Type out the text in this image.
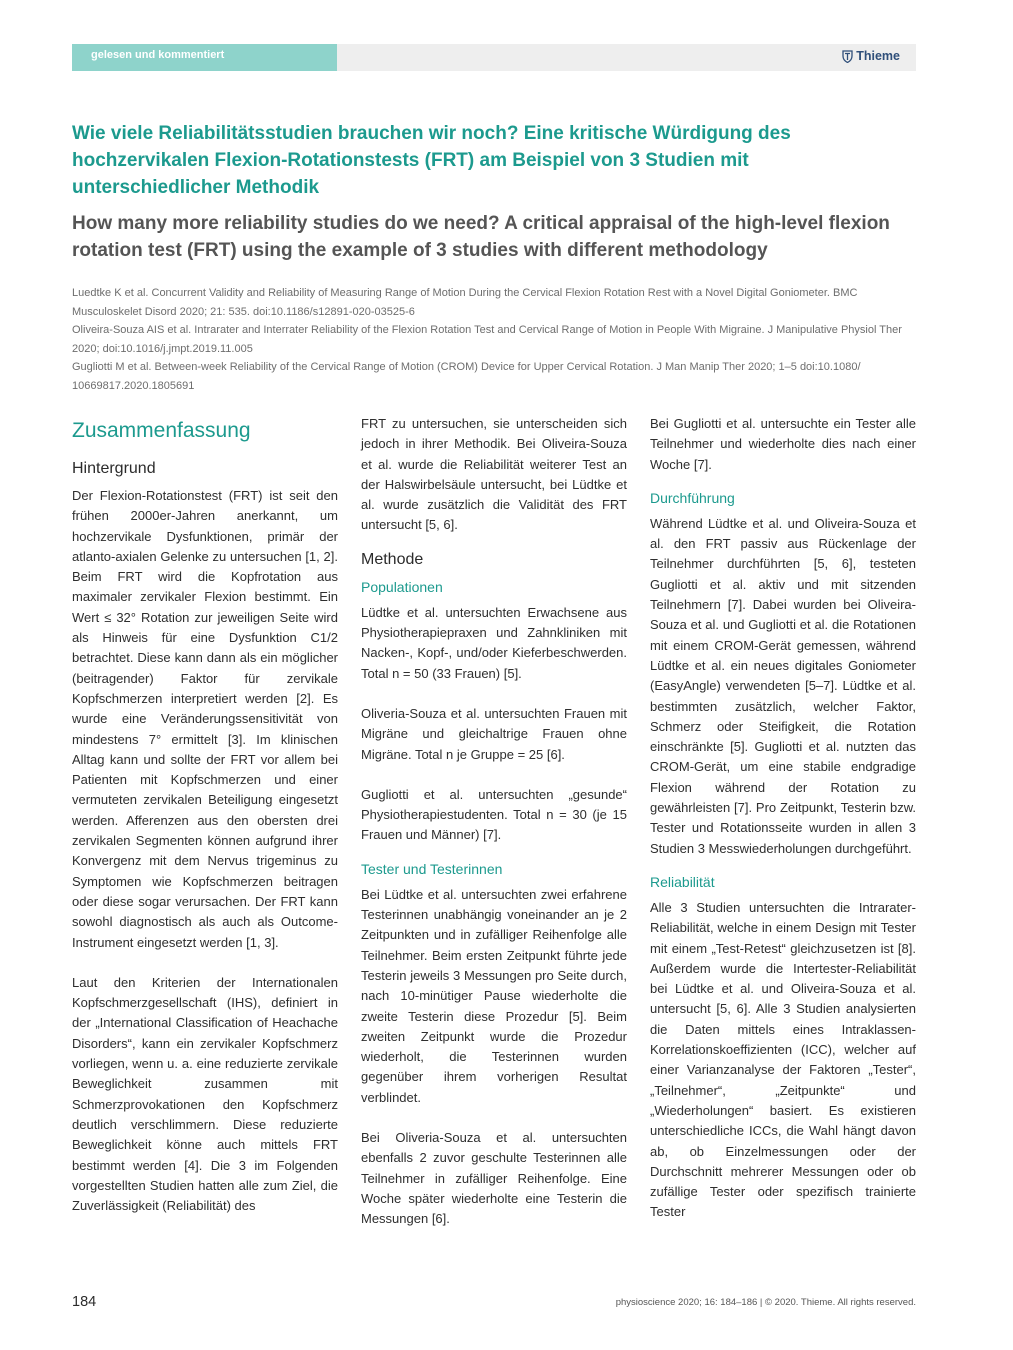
gelesen und kommentiert	Thieme
Wie viele Reliabilitätsstudien brauchen wir noch? Eine kritische Würdigung des hochzervikalen Flexion-Rotationstests (FRT) am Beispiel von 3 Studien mit unterschiedlicher Methodik
How many more reliability studies do we need? A critical appraisal of the high-level flexion rotation test (FRT) using the example of 3 studies with different methodology

Luedtke K et al. Concurrent Validity and Reliability of Measuring Range of Motion During the Cervical Flexion Rotation Rest with a Novel Digital Goniometer. BMC Musculoskelet Disord 2020; 21: 535. doi:10.1186/s12891-020-03525-6

Oliveira-Souza AIS et al. Intrarater and Interrater Reliability of the Flexion Rotation Test and Cervical Range of Motion in People With Migraine. J Manipulative Physiol Ther 2020; doi:10.1016/j.jmpt.2019.11.005

Gugliotti M et al. Between-week Reliability of the Cervical Range of Motion (CROM) Device for Upper Cervical Rotation. J Man Manip Ther 2020; 1–5 doi:10.1080/ 10669817.2020.1805691

Zusammenfassung
Hintergrund

Der Flexion-Rotationstest (FRT) ist seit den frühen 2000er-Jahren anerkannt, um hochzervikale Dysfunktionen, primär der atlanto-axialen Gelenke zu untersuchen [1, 2]. Beim FRT wird die Kopfrotation aus maximaler zervikaler Flexion bestimmt. Ein Wert ≤ 32° Rotation zur jeweiligen Seite wird als Hinweis für eine Dysfunktion C1/2 betrachtet. Diese kann dann als ein möglicher (beitragender) Faktor für zervikale Kopfschmerzen interpretiert werden [2]. Es wurde eine Veränderungssensitivität von mindestens 7° ermittelt [3]. Im klinischen Alltag kann und sollte der FRT vor allem bei Patienten mit Kopfschmerzen und einer vermuteten zervikalen Beteiligung eingesetzt werden. Afferenzen aus den obersten drei zervikalen Segmenten können aufgrund ihrer Konvergenz mit dem Nervus trigeminus zu Symptomen wie Kopfschmerzen beitragen oder diese sogar verursachen. Der FRT kann sowohl diagnostisch als auch als Outcome-Instrument eingesetzt werden [1, 3].

Laut den Kriterien der Internationalen Kopfschmerzgesellschaft (IHS), definiert in der „International Classification of Heachache Disorders“, kann ein zervikaler Kopfschmerz vorliegen, wenn u. a. eine reduzierte zervikale Beweglichkeit zusammen mit Schmerzprovokationen den Kopfschmerz deutlich verschlimmern. Diese reduzierte Beweglichkeit könne auch mittels FRT bestimmt werden [4]. Die 3 im Folgenden vorgestellten Studien hatten alle zum Ziel, die Zuverlässigkeit (Reliabilität) des

FRT zu untersuchen, sie unterscheiden sich jedoch in ihrer Methodik. Bei Oliveira-Souza et al. wurde die Reliabilität weiterer Test an der Halswirbelsäule untersucht, bei Lüdtke et al. wurde zusätzlich die Validität des FRT untersucht [5, 6].

Methode
Populationen

Lüdtke et al. untersuchten Erwachsene aus Physiotherapiepraxen und Zahnkliniken mit Nacken-, Kopf-, und/oder Kieferbeschwerden. Total n = 50 (33 Frauen) [5].

Oliveria-Souza et al. untersuchten Frauen mit Migräne und gleichaltrige Frauen ohne Migräne. Total n je Gruppe = 25 [6].

Gugliotti et al. untersuchten „gesunde“ Physiotherapiestudenten. Total n = 30 (je 15 Frauen und Männer) [7].

Tester und Testerinnen

Bei Lüdtke et al. untersuchten zwei erfahrene Testerinnen unabhängig voneinander an je 2 Zeitpunkten und in zufälliger Reihenfolge alle Teilnehmer. Beim ersten Zeitpunkt führte jede Testerin jeweils 3 Messungen pro Seite durch, nach 10-minütiger Pause wiederholte die zweite Testerin diese Prozedur [5]. Beim zweiten Zeitpunkt wurde die Prozedur wiederholt, die Testerinnen wurden gegenüber ihrem vorherigen Resultat verblindet.

Bei Oliveria-Souza et al. untersuchten ebenfalls 2 zuvor geschulte Testerinnen alle Teilnehmer in zufälliger Reihenfolge. Eine Woche später wiederholte eine Testerin die Messungen [6].

Bei Gugliotti et al. untersuchte ein Tester alle Teilnehmer und wiederholte dies nach einer Woche [7].

Durchführung

Während Lüdtke et al. und Oliveira-Souza et al. den FRT passiv aus Rückenlage der Teilnehmer durchführten [5, 6], testeten Gugliotti et al. aktiv und mit sitzenden Teilnehmern [7]. Dabei wurden bei Oliveira-Souza et al. und Gugliotti et al. die Rotationen mit einem CROM-Gerät gemessen, während Lüdtke et al. ein neues digitales Goniometer (EasyAngle) verwendeten [5–7]. Lüdtke et al. bestimmten zusätzlich, welcher Faktor, Schmerz oder Steifigkeit, die Rotation einschränkte [5]. Gugliotti et al. nutzten das CROM-Gerät, um eine stabile endgradige Flexion während der Rotation zu gewährleisten [7]. Pro Zeitpunkt, Testerin bzw. Tester und Rotationsseite wurden in allen 3 Studien 3 Messwiederholungen durchgeführt.

Reliabilität

Alle 3 Studien untersuchten die Intrarater-Reliabilität, welche in einem Design mit Tester mit einem „Test-Retest“ gleichzusetzen ist [8]. Außerdem wurde die Intertester-Reliabilität bei Lüdtke et al. und Oliveira-Souza et al. untersucht [5, 6]. Alle 3 Studien analysierten die Daten mittels eines Intraklassen-Korrelationskoeffizienten (ICC), welcher auf einer Varianzanalyse der Faktoren „Tester“, „Teilnehmer“, „Zeitpunkte“ und „Wiederholungen“ basiert. Es existieren unterschiedliche ICCs, die Wahl hängt davon ab, ob Einzelmessungen oder der Durchschnitt mehrerer Messungen oder ob zufällige Tester oder spezifisch trainierte Tester

184	physioscience 2020; 16: 184–186 | © 2020. Thieme. All rights reserved.
